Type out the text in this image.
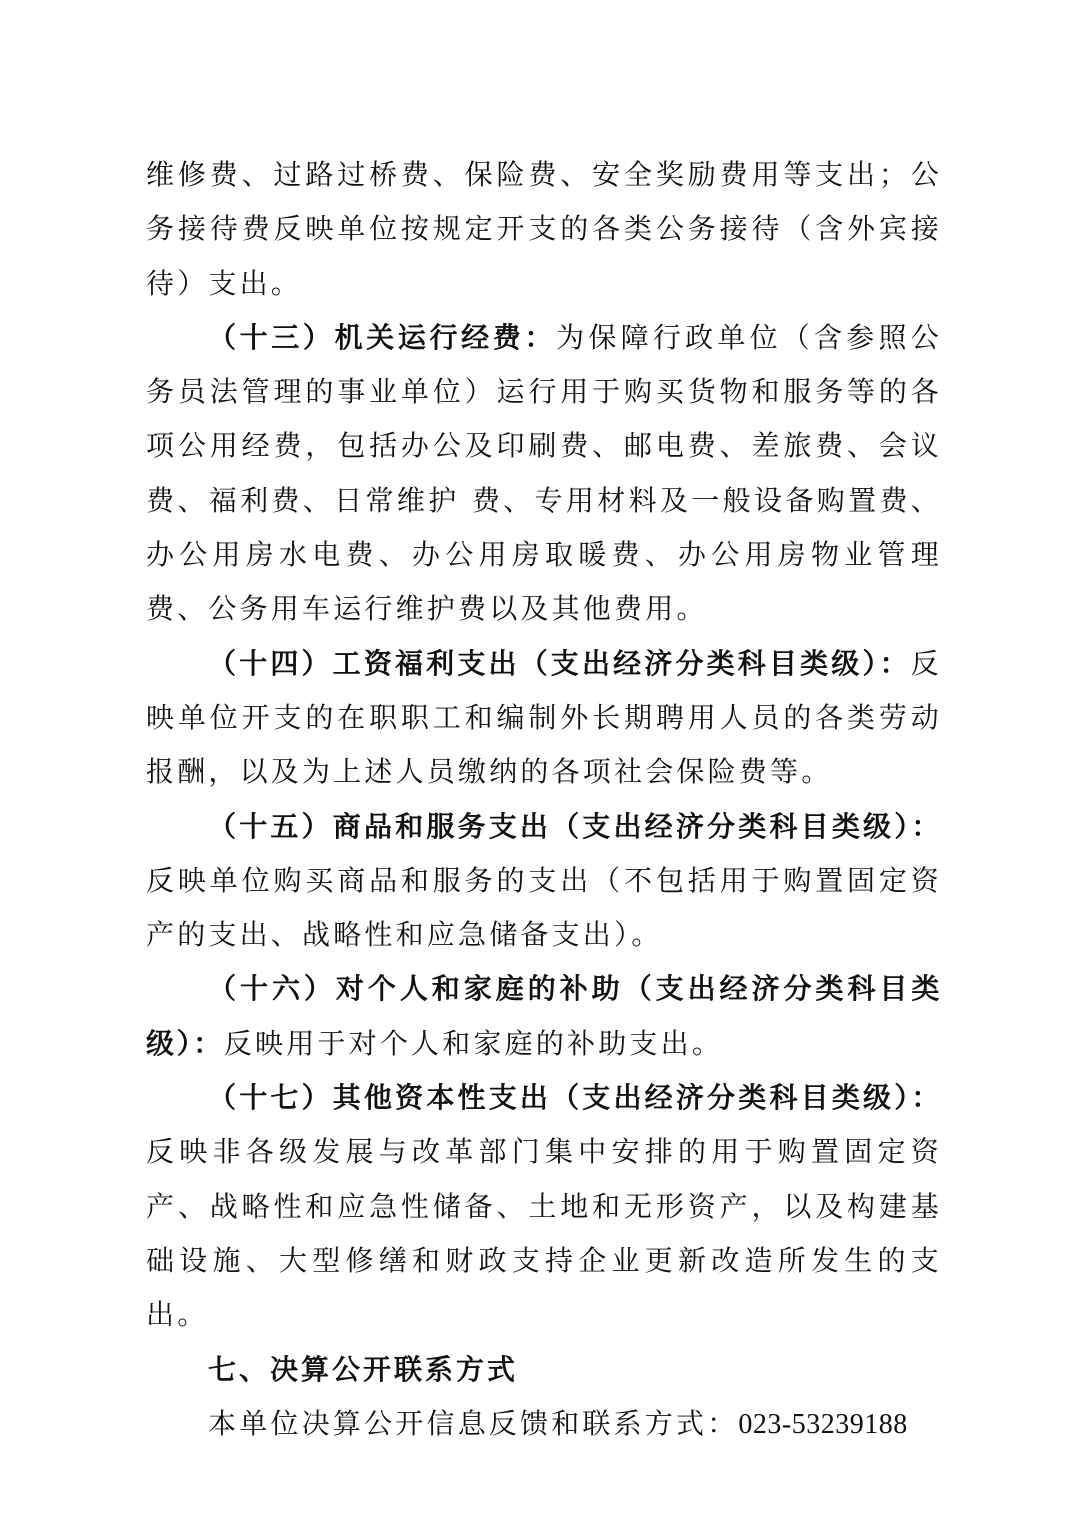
维修费、过路过桥费、保险费、安全奖励费用等支出；公务接待费反映单位按规定开支的各类公务接待（含外宾接待）支出。

（十三）机关运行经费：为保障行政单位（含参照公务员法管理的事业单位）运行用于购买货物和服务等的各项公用经费，包括办公及印刷费、邮电费、差旅费、会议费、福利费、日常维护 费、专用材料及一般设备购置费、办公用房水电费、办公用房取暖费、办公用房物业管理费、公务用车运行维护费以及其他费用。

（十四）工资福利支出（支出经济分类科目类级）：反映单位开支的在职职工和编制外长期聘用人员的各类劳动报酬，以及为上述人员缴纳的各项社会保险费等。

（十五）商品和服务支出（支出经济分类科目类级）：反映单位购买商品和服务的支出（不包括用于购置固定资产的支出、战略性和应急储备支出）。

（十六）对个人和家庭的补助（支出经济分类科目类级）：反映用于对个人和家庭的补助支出。

（十七）其他资本性支出（支出经济分类科目类级）：反映非各级发展与改革部门集中安排的用于购置固定资产、战略性和应急性储备、土地和无形资产，以及构建基础设施、大型修缮和财政支持企业更新改造所发生的支出。

七、决算公开联系方式

本单位决算公开信息反馈和联系方式：023-53239188
